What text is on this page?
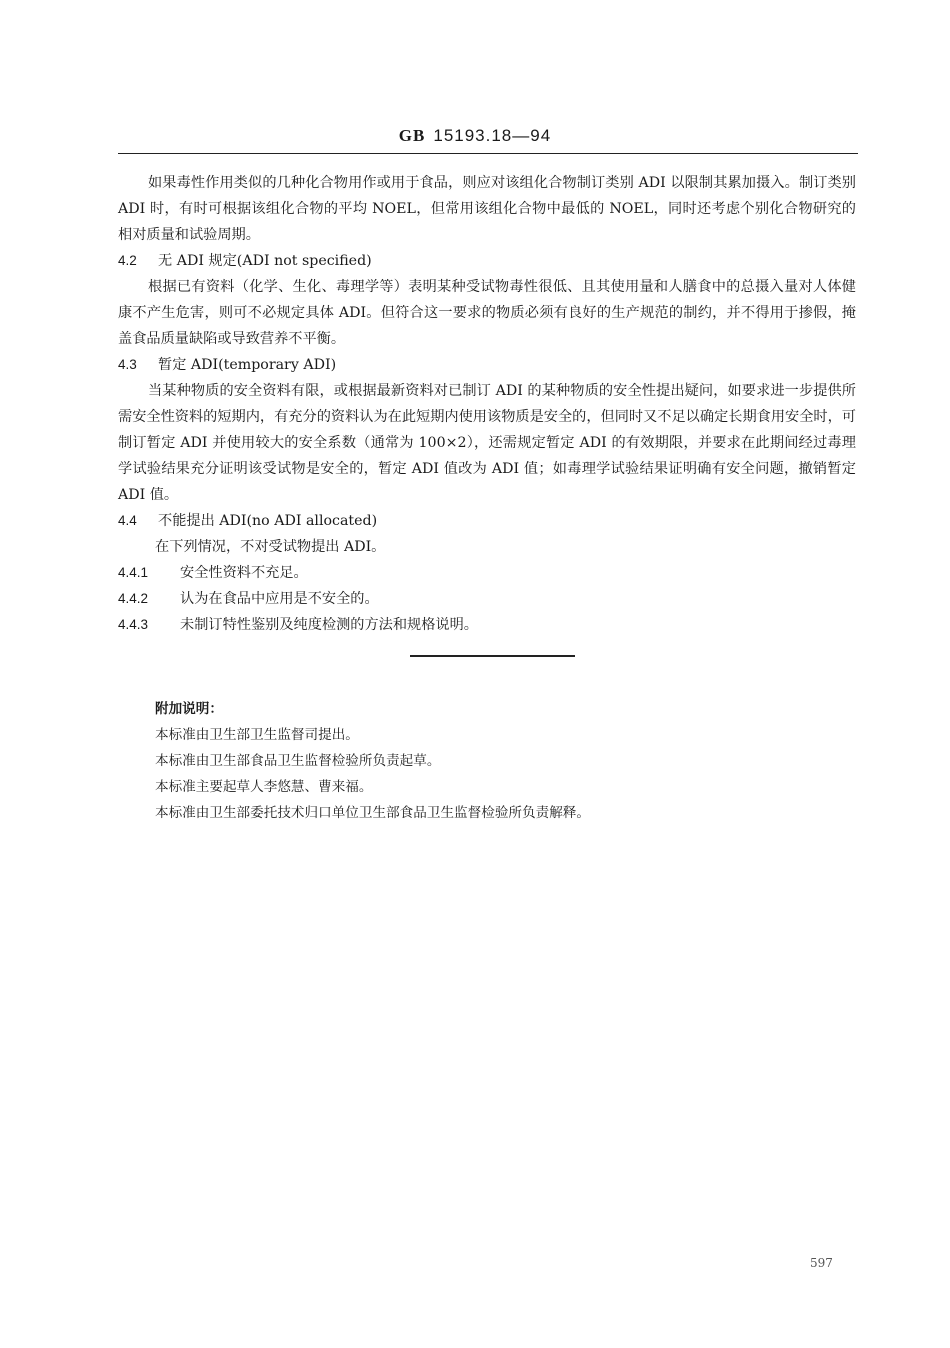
GB 15193.18—94

如果毒性作用类似的几种化合物用作或用于食品，则应对该组化合物制订类别 ADI 以限制其累加摄入。制订类别 ADI 时，有时可根据该组化合物的平均 NOEL，但常用该组化合物中最低的 NOEL，同时还考虑个别化合物研究的相对质量和试验周期。

4.2 无 ADI 规定(ADI not specified)

根据已有资料（化学、生化、毒理学等）表明某种受试物毒性很低、且其使用量和人膳食中的总摄入量对人体健康不产生危害，则可不必规定具体 ADI。但符合这一要求的物质必须有良好的生产规范的制约，并不得用于掺假，掩盖食品质量缺陷或导致营养不平衡。

4.3 暂定 ADI(temporary ADI)

当某种物质的安全资料有限，或根据最新资料对已制订 ADI 的某种物质的安全性提出疑问，如要求进一步提供所需安全性资料的短期内，有充分的资料认为在此短期内使用该物质是安全的，但同时又不足以确定长期食用安全时，可制订暂定 ADI 并使用较大的安全系数（通常为 100×2），还需规定暂定 ADI 的有效期限，并要求在此期间经过毒理学试验结果充分证明该受试物是安全的，暂定 ADI 值改为 ADI 值；如毒理学试验结果证明确有安全问题，撤销暂定 ADI 值。

4.4 不能提出 ADI(no ADI allocated)

在下列情况，不对受试物提出 ADI。

4.4.1 安全性资料不充足。

4.4.2 认为在食品中应用是不安全的。

4.4.3 未制订特性鉴别及纯度检测的方法和规格说明。

附加说明：

本标准由卫生部卫生监督司提出。

本标准由卫生部食品卫生监督检验所负责起草。

本标准主要起草人李悠慧、曹来福。

本标准由卫生部委托技术归口单位卫生部食品卫生监督检验所负责解释。

597
